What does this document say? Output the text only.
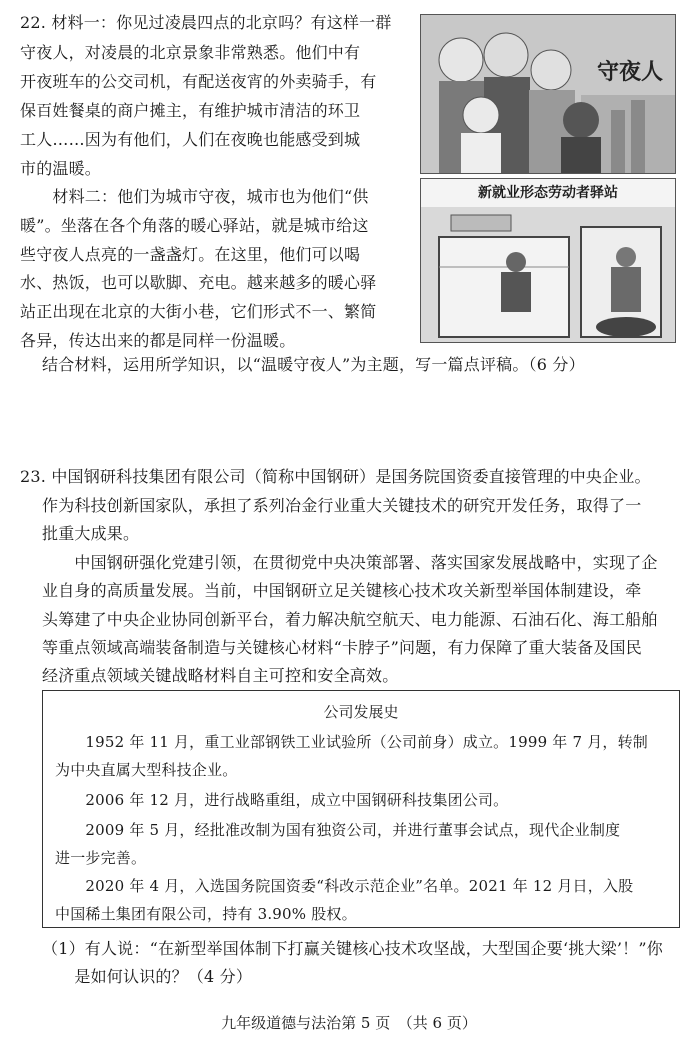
22. 材料一：你见过凌晨四点的北京吗？有这样一群
守夜人，对凌晨的北京景象非常熟悉。他们中有
开夜班车的公交司机，有配送夜宵的外卖骑手，有
保百姓餐桌的商户摊主，有维护城市清洁的环卫
工人……因为有他们，人们在夜晚也能感受到城
市的温暖。
　　材料二：他们为城市守夜，城市也为他们“供
暖”。坐落在各个角落的暖心驿站，就是城市给这
些守夜人点亮的一盏盏灯。在这里，他们可以喝
水、热饭，也可以歇脚、充电。越来越多的暖心驿
站正出现在北京的大街小巷，它们形式不一、繁简
各异，传达出来的都是同样一份温暖。
结合材料，运用所学知识，以“温暖守夜人”为主题，写一篇点评稿。（6 分）
守夜人
新就业形态劳动者驿站
23. 中国钢研科技集团有限公司（简称中国钢研）是国务院国资委直接管理的中央企业。
作为科技创新国家队，承担了系列冶金行业重大关键技术的研究开发任务，取得了一
批重大成果。
　　中国钢研强化党建引领，在贯彻党中央决策部署、落实国家发展战略中，实现了企
业自身的高质量发展。当前，中国钢研立足关键核心技术攻关新型举国体制建设，牵
头筹建了中央企业协同创新平台，着力解决航空航天、电力能源、石油石化、海工船舶
等重点领域高端装备制造与关键核心材料“卡脖子”问题，有力保障了重大装备及国民
经济重点领域关键战略材料自主可控和安全高效。
公司发展史
　　1952 年 11 月，重工业部钢铁工业试验所（公司前身）成立。1999 年 7 月，转制
为中央直属大型科技企业。
　　2006 年 12 月，进行战略重组，成立中国钢研科技集团公司。
　　2009 年 5 月，经批准改制为国有独资公司，并进行董事会试点，现代企业制度
进一步完善。
　　2020 年 4 月，入选国务院国资委“科改示范企业”名单。2021 年 12 月日，入股
中国稀土集团有限公司，持有 3.90% 股权。
（1）有人说：“在新型举国体制下打赢关键核心技术攻坚战，大型国企要‘挑大梁’！”你
　　是如何认识的？（4 分）
九年级道德与法治第 5 页　（共 6 页）
